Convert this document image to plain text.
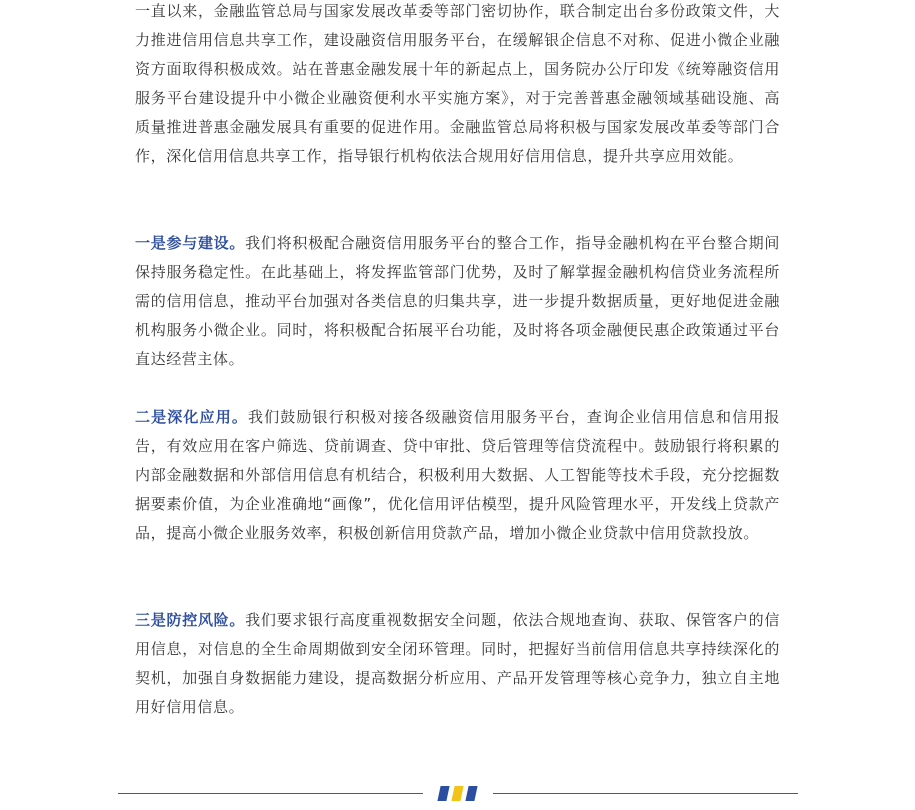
一直以来，金融监管总局与国家发展改革委等部门密切协作，联合制定出台多份政策文件，大力推进信用信息共享工作，建设融资信用服务平台，在缓解银企信息不对称、促进小微企业融资方面取得积极成效。站在普惠金融发展十年的新起点上，国务院办公厅印发《统筹融资信用服务平台建设提升中小微企业融资便利水平实施方案》，对于完善普惠金融领域基础设施、高质量推进普惠金融发展具有重要的促进作用。金融监管总局将积极与国家发展改革委等部门合作，深化信用信息共享工作，指导银行机构依法合规用好信用信息，提升共享应用效能。

一是参与建设。我们将积极配合融资信用服务平台的整合工作，指导金融机构在平台整合期间保持服务稳定性。在此基础上，将发挥监管部门优势，及时了解掌握金融机构信贷业务流程所需的信用信息，推动平台加强对各类信息的归集共享，进一步提升数据质量，更好地促进金融机构服务小微企业。同时，将积极配合拓展平台功能，及时将各项金融便民惠企政策通过平台直达经营主体。

二是深化应用。我们鼓励银行积极对接各级融资信用服务平台，查询企业信用信息和信用报告，有效应用在客户筛选、贷前调查、贷中审批、贷后管理等信贷流程中。鼓励银行将积累的内部金融数据和外部信用信息有机结合，积极利用大数据、人工智能等技术手段，充分挖掘数据要素价值，为企业准确地“画像”，优化信用评估模型，提升风险管理水平，开发线上贷款产品，提高小微企业服务效率，积极创新信用贷款产品，增加小微企业贷款中信用贷款投放。

三是防控风险。我们要求银行高度重视数据安全问题，依法合规地查询、获取、保管客户的信用信息，对信息的全生命周期做到安全闭环管理。同时，把握好当前信用信息共享持续深化的契机，加强自身数据能力建设，提高数据分析应用、产品开发管理等核心竞争力，独立自主地用好信用信息。
